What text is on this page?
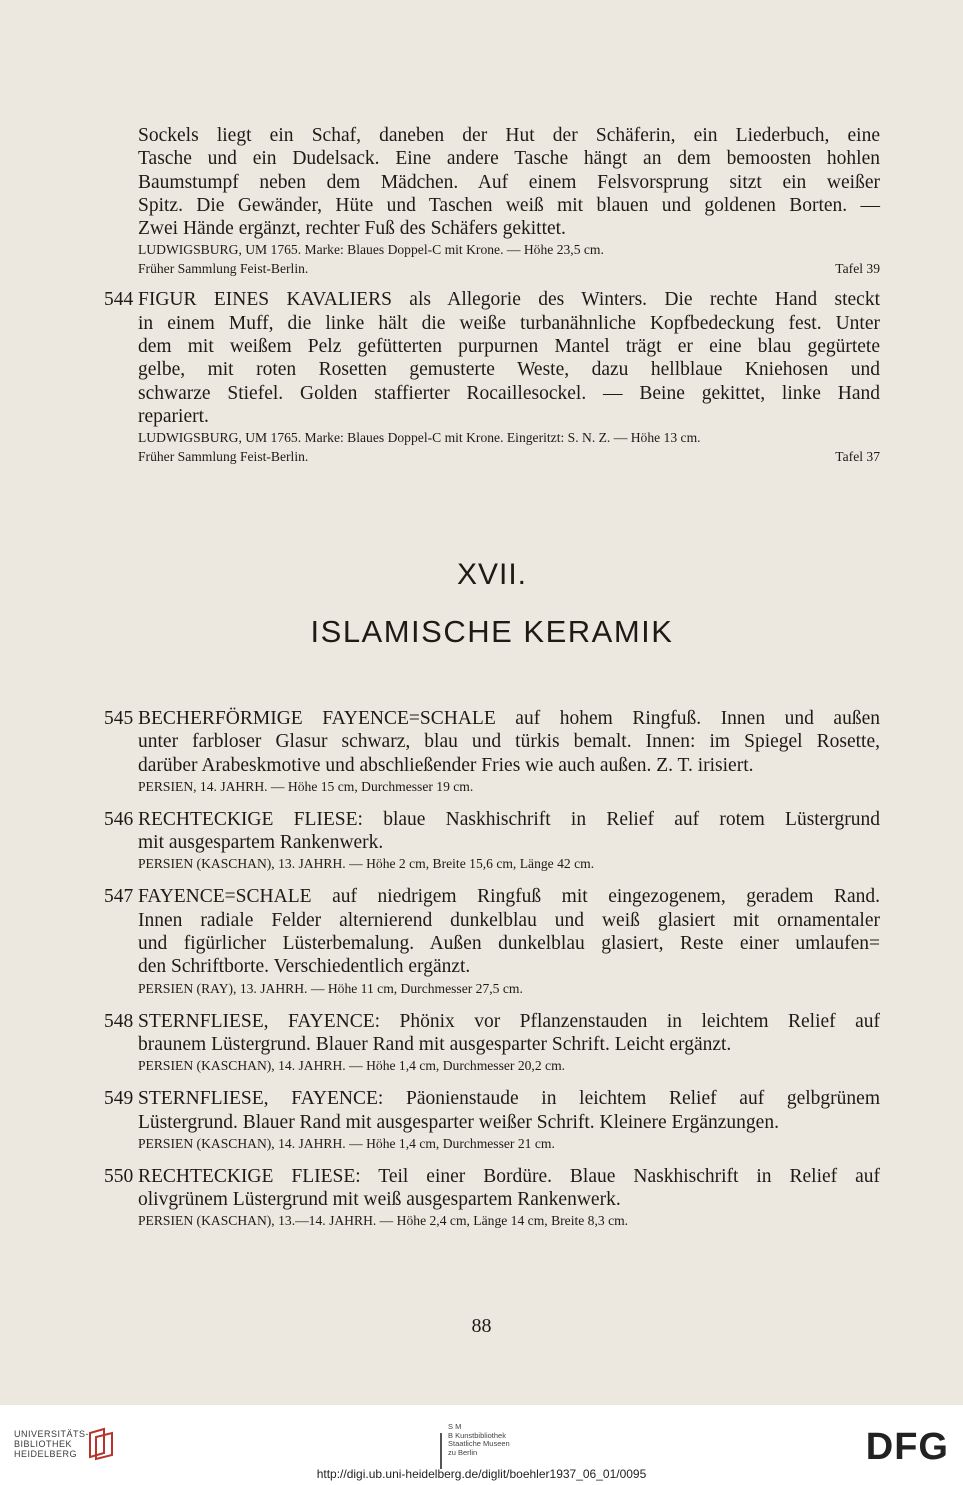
Sockels liegt ein Schaf, daneben der Hut der Schäferin, ein Liederbuch, eine
Tasche und ein Dudelsack. Eine andere Tasche hängt an dem bemoosten hohlen
Baumstumpf neben dem Mädchen. Auf einem Felsvorsprung sitzt ein weißer
Spitz. Die Gewänder, Hüte und Taschen weiß mit blauen und goldenen Borten. —
Zwei Hände ergänzt, rechter Fuß des Schäfers gekittet.
LUDWIGSBURG, UM 1765. Marke: Blaues Doppel-C mit Krone. — Höhe 23,5 cm.
Früher Sammlung Feist-Berlin.	Tafel 39
544 FIGUR EINES KAVALIERS als Allegorie des Winters. Die rechte Hand steckt
in einem Muff, die linke hält die weiße turbanähnliche Kopfbedeckung fest. Unter
dem mit weißem Pelz gefütterten purpurnen Mantel trägt er eine blau gegürtete
gelbe, mit roten Rosetten gemusterte Weste, dazu hellblaue Kniehosen und
schwarze Stiefel. Golden staffierter Rocaillesockel. — Beine gekittet, linke Hand
repariert.
LUDWIGSBURG, UM 1765. Marke: Blaues Doppel-C mit Krone. Eingeritzt: S. N. Z. — Höhe 13 cm.
Früher Sammlung Feist-Berlin.	Tafel 37
XVII.
ISLAMISCHE KERAMIK
545 BECHERFÖRMIGE FAYENCE=SCHALE auf hohem Ringfuß. Innen und außen
unter farbloser Glasur schwarz, blau und türkis bemalt. Innen: im Spiegel Rosette,
darüber Arabeskmotive und abschließender Fries wie auch außen. Z. T. irisiert.
PERSIEN, 14. JAHRH. — Höhe 15 cm, Durchmesser 19 cm.
546 RECHTECKIGE FLIESE: blaue Naskhischrift in Relief auf rotem Lüstergrund
mit ausgespartem Rankenwerk.
PERSIEN (KASCHAN), 13. JAHRH. — Höhe 2 cm, Breite 15,6 cm, Länge 42 cm.
547 FAYENCE=SCHALE auf niedrigem Ringfuß mit eingezogenem, geradem Rand.
Innen radiale Felder alternierend dunkelblau und weiß glasiert mit ornamentaler
und figürlicher Lüsterbemalung. Außen dunkelblau glasiert, Reste einer umlaufen=
den Schriftborte. Verschiedentlich ergänzt.
PERSIEN (RAY), 13. JAHRH. — Höhe 11 cm, Durchmesser 27,5 cm.
548 STERNFLIESE, FAYENCE: Phönix vor Pflanzenstauden in leichtem Relief auf
braunem Lüstergrund. Blauer Rand mit ausgesparter Schrift. Leicht ergänzt.
PERSIEN (KASCHAN), 14. JAHRH. — Höhe 1,4 cm, Durchmesser 20,2 cm.
549 STERNFLIESE, FAYENCE: Päonienstaude in leichtem Relief auf gelbgrünem
Lüstergrund. Blauer Rand mit ausgesparter weißer Schrift. Kleinere Ergänzungen.
PERSIEN (KASCHAN), 14. JAHRH. — Höhe 1,4 cm, Durchmesser 21 cm.
550 RECHTECKIGE FLIESE: Teil einer Bordüre. Blaue Naskhischrift in Relief auf
olivgrünem Lüstergrund mit weiß ausgespartem Rankenwerk.
PERSIEN (KASCHAN), 13.—14. JAHRH. — Höhe 2,4 cm, Länge 14 cm, Breite 8,3 cm.
88
UNIVERSITÄTS-
BIBLIOTHEK
HEIDELBERG
S M
B Kunstbibliothek
Staatliche Museen
zu Berlin	DFG
http://digi.ub.uni-heidelberg.de/diglit/boehler1937_06_01/0095
